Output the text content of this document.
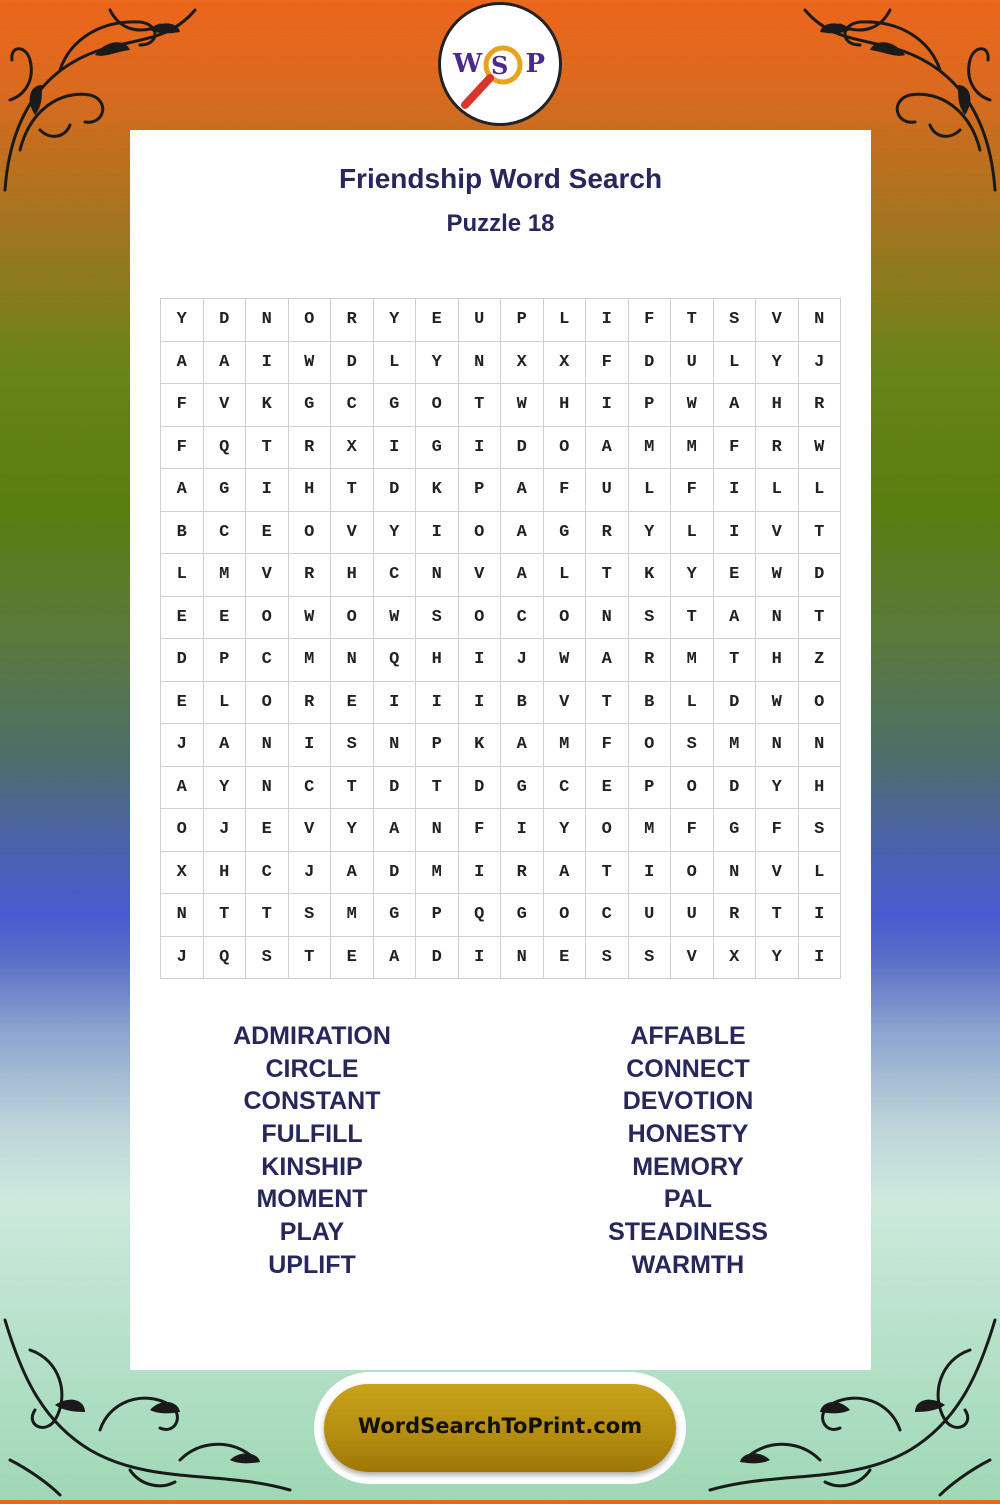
W S P
Friendship Word Search
Puzzle 18
Y	D	N	O	R	Y	E	U	P	L	I	F	T	S	V	N
A	A	I	W	D	L	Y	N	X	X	F	D	U	L	Y	J
F	V	K	G	C	G	O	T	W	H	I	P	W	A	H	R
F	Q	T	R	X	I	G	I	D	O	A	M	M	F	R	W
A	G	I	H	T	D	K	P	A	F	U	L	F	I	L	L
B	C	E	O	V	Y	I	O	A	G	R	Y	L	I	V	T
L	M	V	R	H	C	N	V	A	L	T	K	Y	E	W	D
E	E	O	W	O	W	S	O	C	O	N	S	T	A	N	T
D	P	C	M	N	Q	H	I	J	W	A	R	M	T	H	Z
E	L	O	R	E	I	I	I	B	V	T	B	L	D	W	O
J	A	N	I	S	N	P	K	A	M	F	O	S	M	N	N
A	Y	N	C	T	D	T	D	G	C	E	P	O	D	Y	H
O	J	E	V	Y	A	N	F	I	Y	O	M	F	G	F	S
X	H	C	J	A	D	M	I	R	A	T	I	O	N	V	L
N	T	T	S	M	G	P	Q	G	O	C	U	U	R	T	I
J	Q	S	T	E	A	D	I	N	E	S	S	V	X	Y	I
ADMIRATION
CIRCLE
CONSTANT
FULFILL
KINSHIP
MOMENT
PLAY
UPLIFT
AFFABLE
CONNECT
DEVOTION
HONESTY
MEMORY
PAL
STEADINESS
WARMTH
WordSearchToPrint.com
